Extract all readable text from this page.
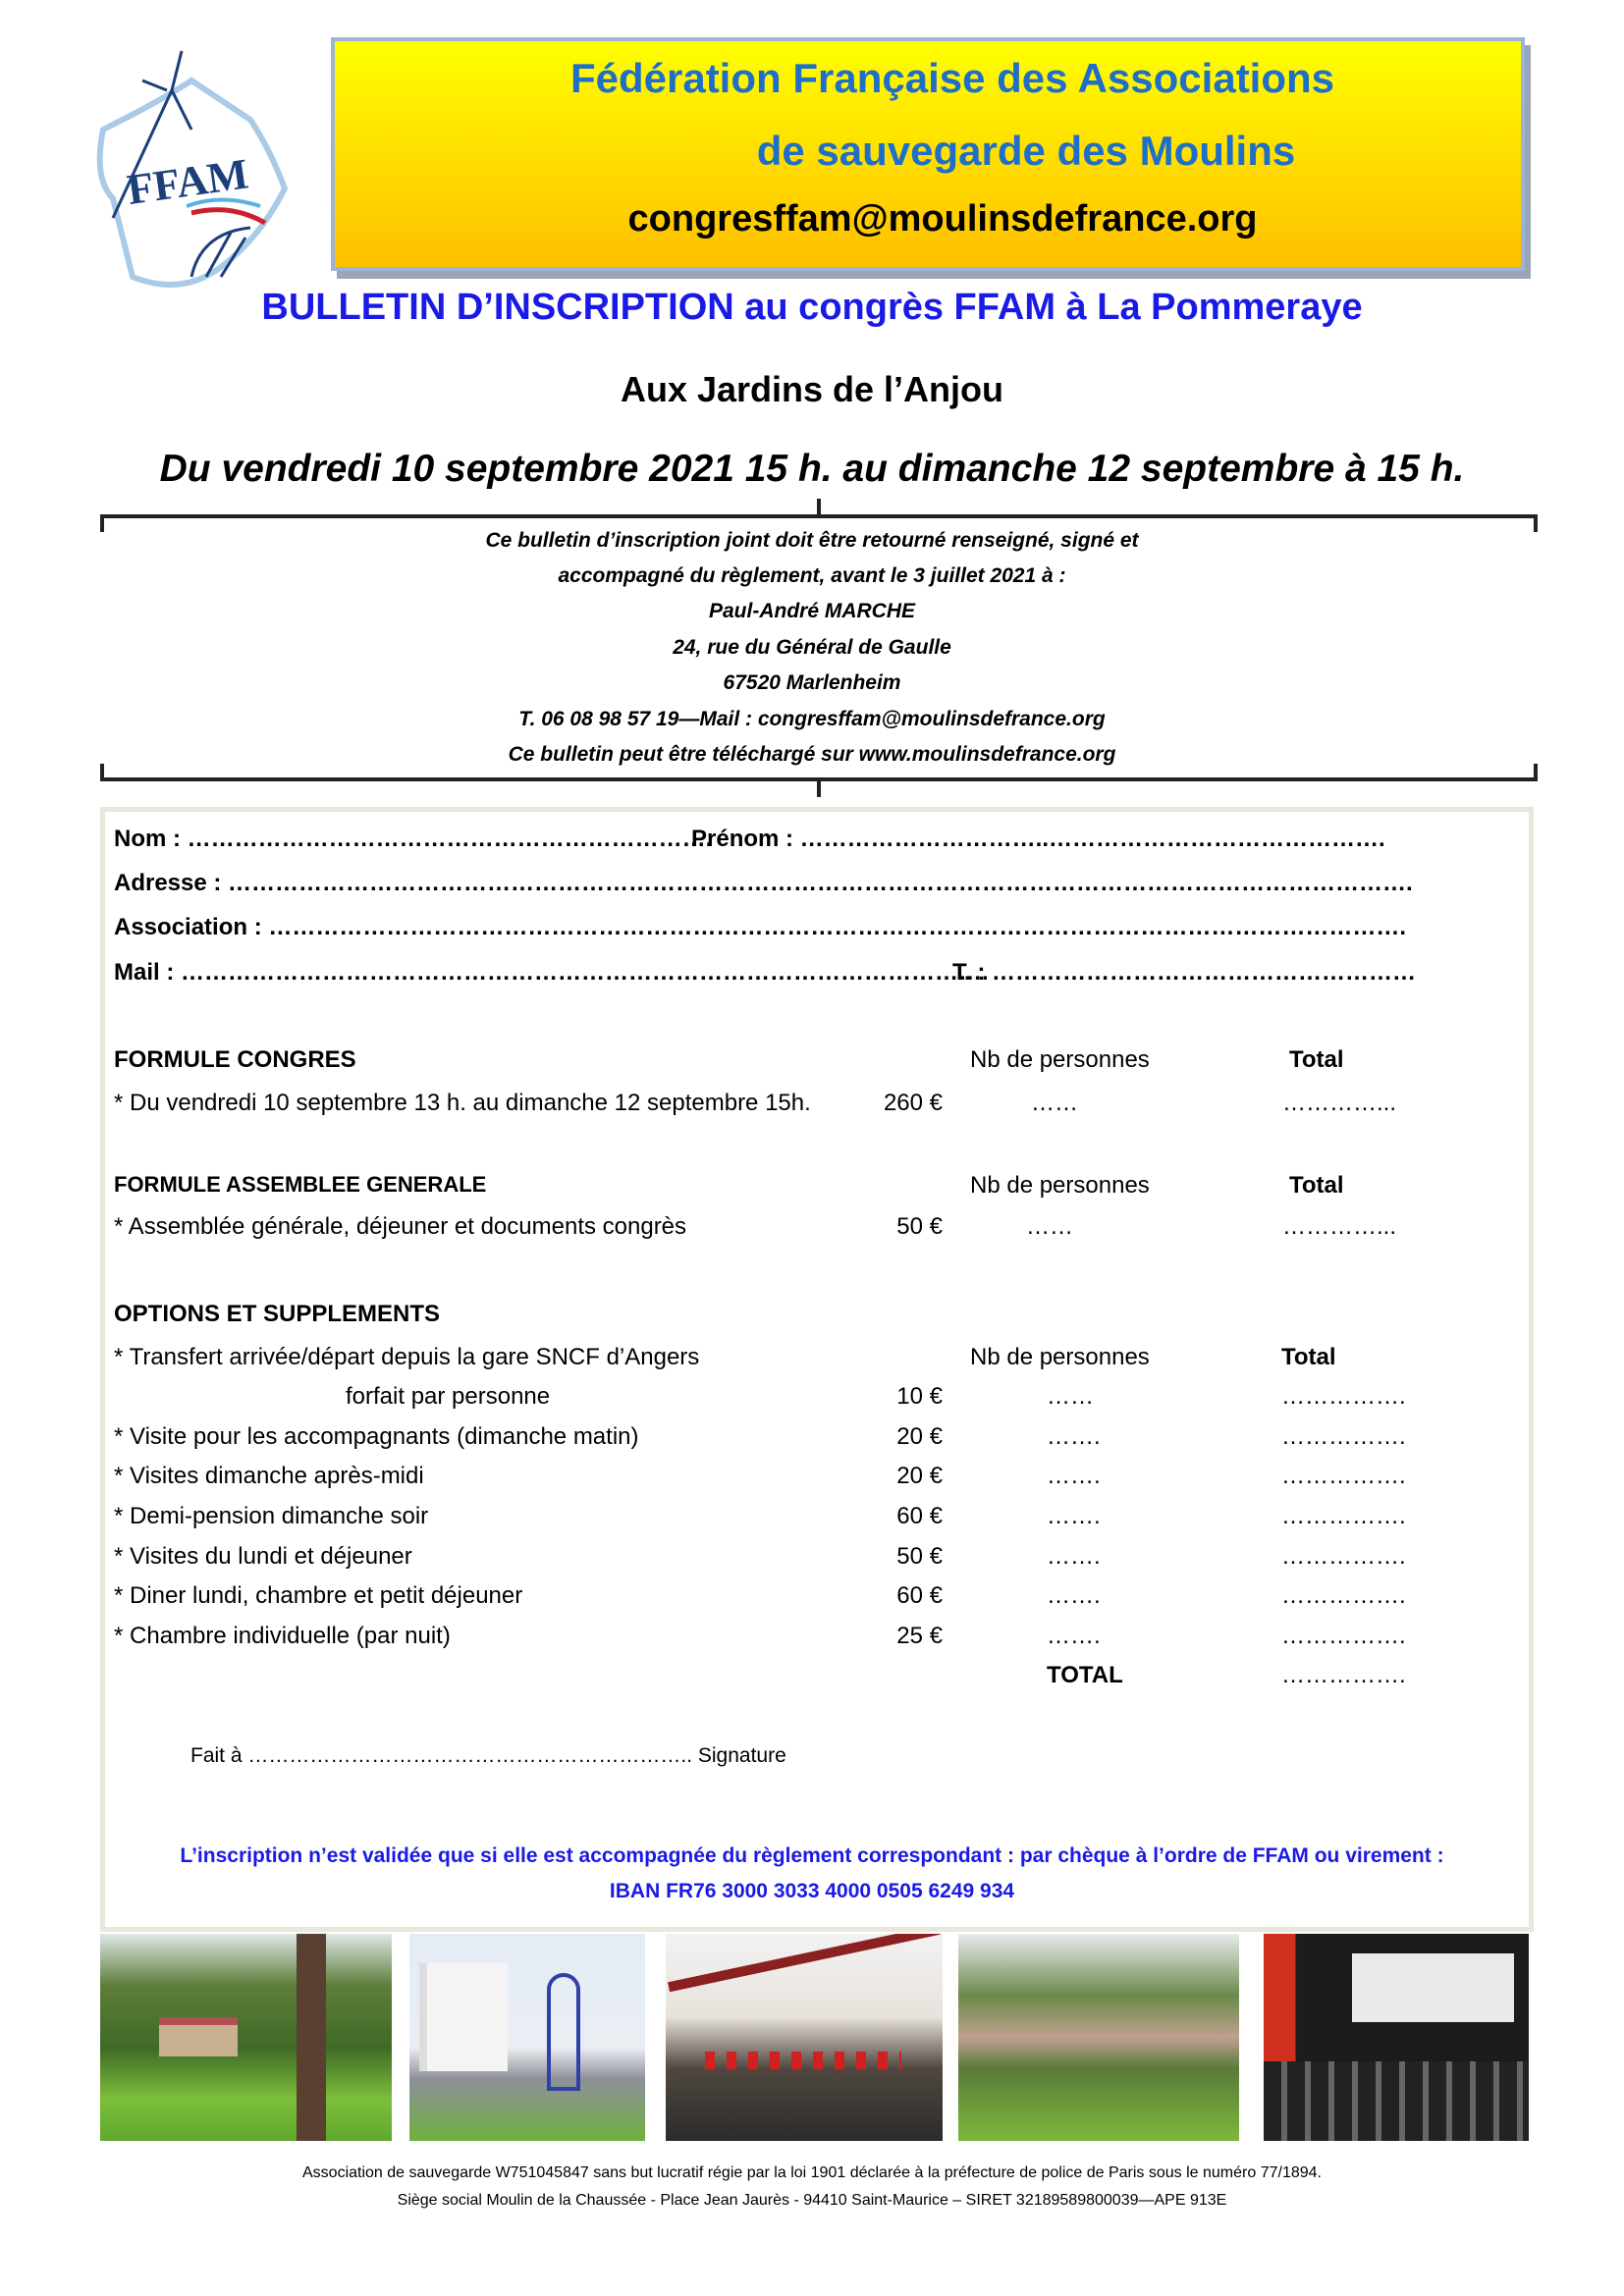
FFAM
Fédération Française des Associations
de sauvegarde des Moulins
congresffam@moulinsdefrance.org
BULLETIN D’INSCRIPTION au congrès FFAM à La Pommeraye
Aux Jardins de l’Anjou
Du vendredi 10 septembre 2021 15 h. au dimanche 12 septembre à 15 h.
Ce bulletin d’inscription joint doit être retourné renseigné, signé et
accompagné du règlement, avant le 3 juillet 2021 à :
Paul-André MARCHE
24, rue du Général de Gaulle
67520 Marlenheim
T. 06 08 98 57 19—Mail : congresffam@moulinsdefrance.org
Ce bulletin peut être téléchargé sur www.moulinsdefrance.org
Nom : ………………………………………………………….
Prénom : …………………………..…………………………………….
Adresse : …………………………………………………………………………………………………………………………………….
Association : ……………………………………………………………………………………………………………………………….
Mail : ………………………………………………………………………………………….
T. : ………………………………………………
FORMULE CONGRES	Nb de personnes	Total
* Du vendredi 10 septembre 13 h. au dimanche 12 septembre 15h.	260 €	……	…………...
FORMULE ASSEMBLEE GENERALE	Nb de personnes	Total
* Assemblée générale, déjeuner et documents congrès	50 €	……	…………...
OPTIONS ET SUPPLEMENTS
* Transfert arrivée/départ depuis la gare SNCF d’Angers	Nb de personnes	Total
forfait par personne	10 €	……	…………….
* Visite pour les accompagnants (dimanche matin)	20 €	…….	…………….
* Visites dimanche après-midi	20 €	…….	…………….
* Demi-pension dimanche soir	60 €	…….	…………….
* Visites du lundi et déjeuner	50 €	…….	…………….
* Diner lundi, chambre et petit déjeuner	60 €	…….	…………….
* Chambre individuelle (par nuit)	25 €	…….	…………….
TOTAL	…………….
Fait à ……………………………………………………….. Signature
L’inscription n’est validée que si elle est accompagnée du règlement correspondant : par chèque à l’ordre de FFAM ou virement :
IBAN FR76 3000 3033 4000 0505 6249 934
Association de sauvegarde W751045847 sans but lucratif régie par la loi 1901 déclarée à la préfecture de police de Paris sous le numéro 77/1894.
Siège social Moulin de la Chaussée - Place Jean Jaurès - 94410 Saint-Maurice – SIRET 32189589800039—APE 913E
